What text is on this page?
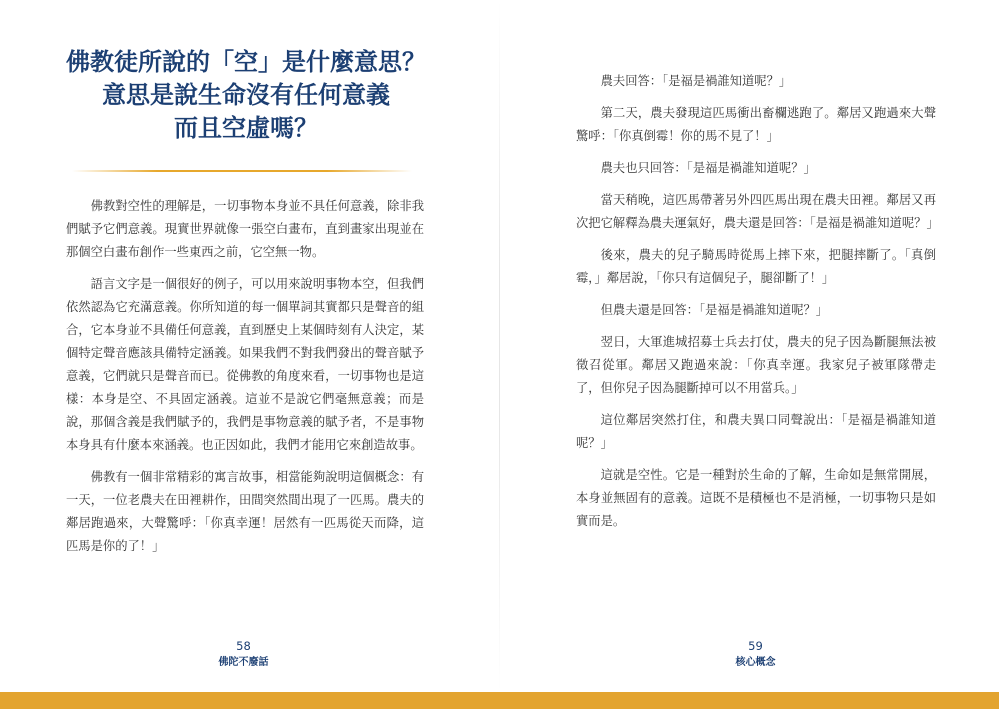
佛教徒所說的「空」是什麼意思？
意思是說生命沒有任何意義
而且空虛嗎？

佛教對空性的理解是，一切事物本身並不具任何意義，除非我們賦予它們意義。現實世界就像一張空白畫布，直到畫家出現並在那個空白畫布創作一些東西之前，它空無一物。

語言文字是一個很好的例子，可以用來說明事物本空，但我們依然認為它充滿意義。你所知道的每一個單詞其實都只是聲音的組合，它本身並不具備任何意義，直到歷史上某個時刻有人決定，某個特定聲音應該具備特定涵義。如果我們不對我們發出的聲音賦予意義，它們就只是聲音而已。從佛教的角度來看，一切事物也是這樣：本身是空、不具固定涵義。這並不是說它們毫無意義；而是說，那個含義是我們賦予的，我們是事物意義的賦予者，不是事物本身具有什麼本來涵義。也正因如此，我們才能用它來創造故事。

佛教有一個非常精彩的寓言故事，相當能夠說明這個概念：有一天，一位老農夫在田裡耕作，田間突然間出現了一匹馬。農夫的鄰居跑過來，大聲驚呼：「你真幸運！居然有一匹馬從天而降，這匹馬是你的了！」

58
佛陀不廢話

農夫回答：「是福是禍誰知道呢？」

第二天，農夫發現這匹馬衝出畜欄逃跑了。鄰居又跑過來大聲驚呼：「你真倒霉！你的馬不見了！」

農夫也只回答：「是福是禍誰知道呢？」

當天稍晚，這匹馬帶著另外四匹馬出現在農夫田裡。鄰居又再次把它解釋為農夫運氣好，農夫還是回答：「是福是禍誰知道呢？」

後來，農夫的兒子騎馬時從馬上摔下來，把腿摔斷了。「真倒霉，」鄰居說，「你只有這個兒子，腿卻斷了！」

但農夫還是回答：「是福是禍誰知道呢？」

翌日，大軍進城招募士兵去打仗，農夫的兒子因為斷腿無法被徵召從軍。鄰居又跑過來說：「你真幸運。我家兒子被軍隊帶走了，但你兒子因為腿斷掉可以不用當兵。」

這位鄰居突然打住，和農夫異口同聲說出：「是福是禍誰知道呢？」

這就是空性。它是一種對於生命的了解，生命如是無常開展，本身並無固有的意義。這既不是積極也不是消極，一切事物只是如實而是。

59
核心概念
